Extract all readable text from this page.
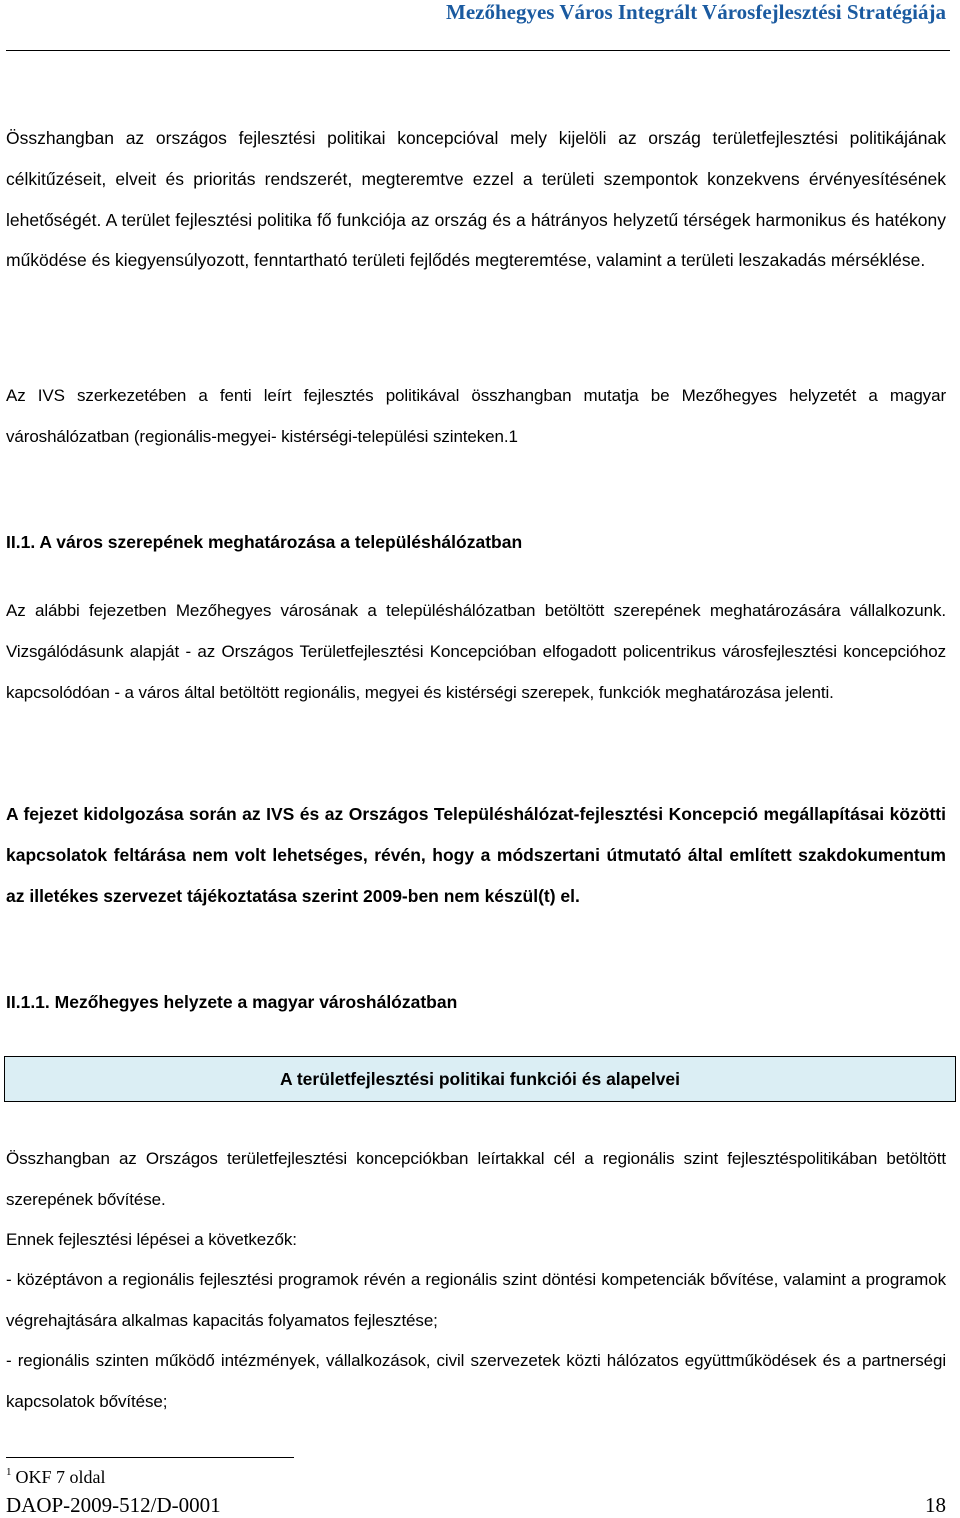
Mezőhegyes Város Integrált Városfejlesztési Stratégiája

Összhangban az országos fejlesztési politikai koncepcióval mely kijelöli az ország területfejlesztési politikájának célkitűzéseit, elveit és prioritás rendszerét, megteremtve ezzel a területi szempontok konzekvens érvényesítésének lehetőségét. A terület fejlesztési politika fő funkciója az ország és a hátrányos helyzetű térségek harmonikus és hatékony működése és kiegyensúlyozott, fenntartható területi fejlődés megteremtése, valamint a területi leszakadás mérséklése.

Az IVS szerkezetében a fenti leírt fejlesztés politikával összhangban mutatja be Mezőhegyes helyzetét a magyar városhálózatban (regionális-megyei- kistérségi-települési szinteken.1

II.1. A város szerepének meghatározása a településhálózatban

Az alábbi fejezetben Mezőhegyes városának a településhálózatban betöltött szerepének meghatározására vállalkozunk. Vizsgálódásunk alapját - az Országos Területfejlesztési Koncepcióban elfogadott policentrikus városfejlesztési koncepcióhoz kapcsolódóan - a város által betöltött regionális, megyei és kistérségi szerepek, funkciók meghatározása jelenti.

A fejezet kidolgozása során az IVS és az Országos Településhálózat-fejlesztési Koncepció megállapításai közötti kapcsolatok feltárása nem volt lehetséges, révén, hogy a módszertani útmutató által említett szakdokumentum az illetékes szervezet tájékoztatása szerint 2009-ben nem készül(t) el.

II.1.1. Mezőhegyes helyzete a magyar városhálózatban
A területfejlesztési politikai funkciói és alapelvei

Összhangban az Országos területfejlesztési koncepciókban leírtakkal cél a regionális szint fejlesztéspolitikában betöltött szerepének bővítése.

Ennek fejlesztési lépései a következők:

- középtávon a regionális fejlesztési programok révén a regionális szint döntési kompetenciák bővítése, valamint a programok végrehajtására alkalmas kapacitás folyamatos fejlesztése;

- regionális szinten működő intézmények, vállalkozások, civil szervezetek közti hálózatos együttműködések és a partnerségi kapcsolatok bővítése;

$^1$ OKF 7 oldal
DAOP-2009-512/D-0001	18
